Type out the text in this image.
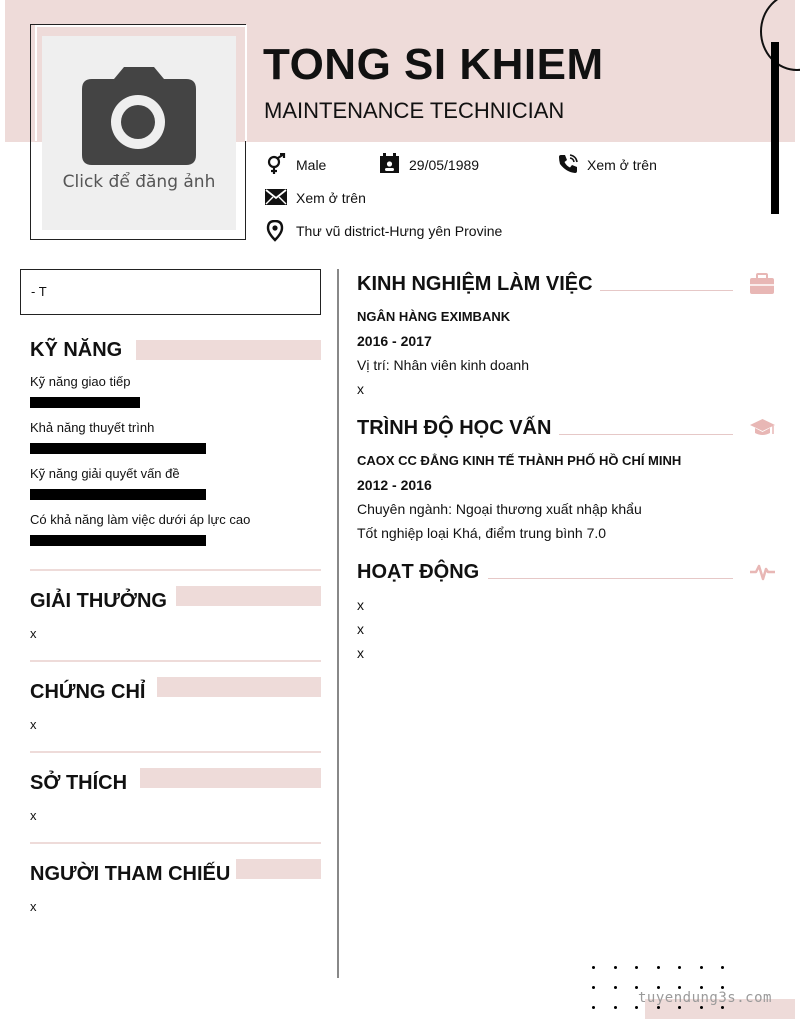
Click để đăng ảnh
TONG SI KHIEM
MAINTENANCE TECHNICIAN
Male	29/05/1989	Xem ở trên
Xem ở trên
Thư vũ district-Hưng yên Provine
- T
KỸ NĂNG
Kỹ năng giao tiếp
Khả năng thuyết trình
Kỹ năng giải quyết vấn đề
Có khả năng làm việc dưới áp lực cao
GIẢI THƯỞNG
x
CHỨNG CHỈ
x
SỞ THÍCH
x
NGƯỜI THAM CHIẾU
x
KINH NGHIỆM LÀM VIỆC
NGÂN HÀNG EXIMBANK
2016 - 2017
Vị trí: Nhân viên kinh doanh
x
TRÌNH ĐỘ HỌC VẤN
CAOX CC ĐẲNG KINH TẾ THÀNH PHỐ HỒ CHÍ MINH
2012 - 2016
Chuyên ngành: Ngoại thương xuất nhập khẩu
Tốt nghiệp loại Khá, điểm trung bình 7.0
HOẠT ĐỘNG
x
x
x
tuyendung3s.com
